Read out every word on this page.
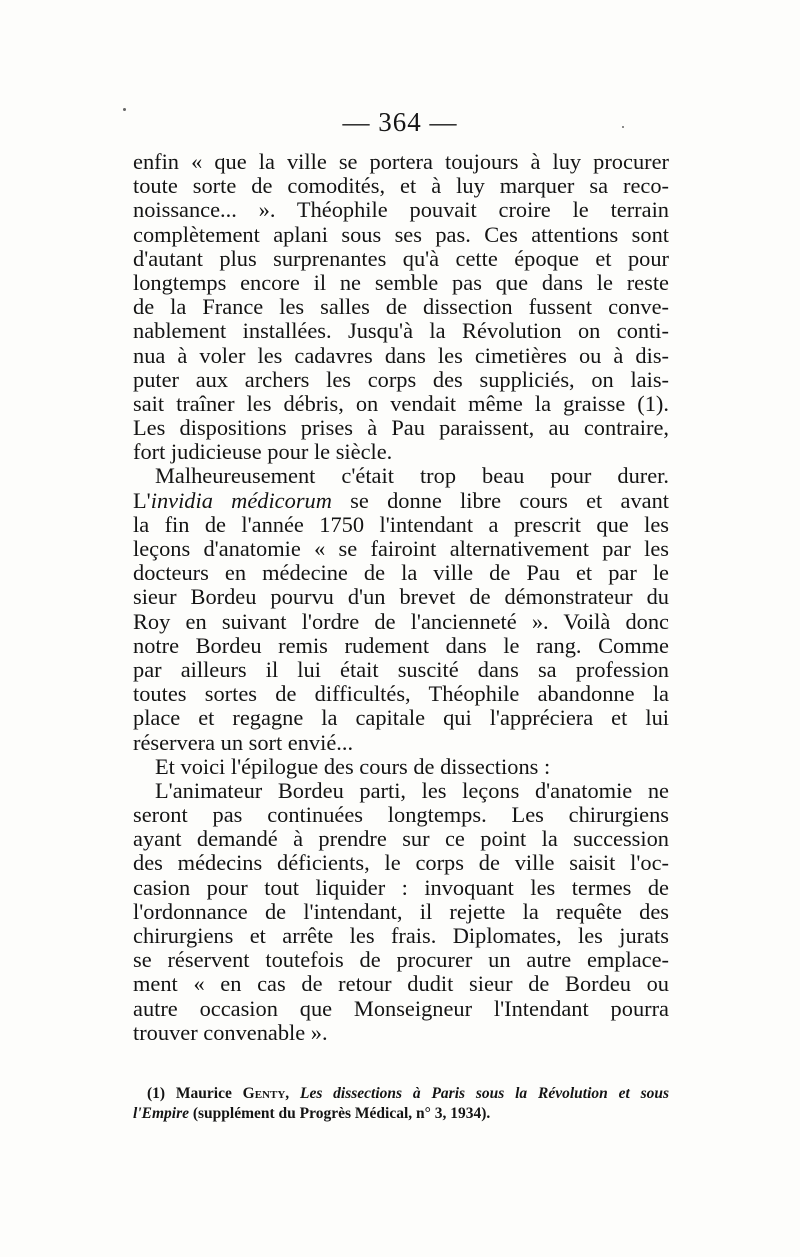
— 364 —
enfin « que la ville se portera toujours à luy procurer
toute sorte de comodités, et à luy marquer sa reco-
noissance... ». Théophile pouvait croire le terrain
complètement aplani sous ses pas. Ces attentions sont
d'autant plus surprenantes qu'à cette époque et pour
longtemps encore il ne semble pas que dans le reste
de la France les salles de dissection fussent conve-
nablement installées. Jusqu'à la Révolution on conti-
nua à voler les cadavres dans les cimetières ou à dis-
puter aux archers les corps des suppliciés, on lais-
sait traîner les débris, on vendait même la graisse (1).
Les dispositions prises à Pau paraissent, au contraire,
fort judicieuse pour le siècle.
Malheureusement c'était trop beau pour durer.
L'invidia médicorum se donne libre cours et avant
la fin de l'année 1750 l'intendant a prescrit que les
leçons d'anatomie « se fairoint alternativement par les
docteurs en médecine de la ville de Pau et par le
sieur Bordeu pourvu d'un brevet de démonstrateur du
Roy en suivant l'ordre de l'ancienneté ». Voilà donc
notre Bordeu remis rudement dans le rang. Comme
par ailleurs il lui était suscité dans sa profession
toutes sortes de difficultés, Théophile abandonne la
place et regagne la capitale qui l'appréciera et lui
réservera un sort envié...
Et voici l'épilogue des cours de dissections :
L'animateur Bordeu parti, les leçons d'anatomie ne
seront pas continuées longtemps. Les chirurgiens
ayant demandé à prendre sur ce point la succession
des médecins déficients, le corps de ville saisit l'oc-
casion pour tout liquider : invoquant les termes de
l'ordonnance de l'intendant, il rejette la requête des
chirurgiens et arrête les frais. Diplomates, les jurats
se réservent toutefois de procurer un autre emplace-
ment « en cas de retour dudit sieur de Bordeu ou
autre occasion que Monseigneur l'Intendant pourra
trouver convenable ».
(1) Maurice Genty, Les dissections à Paris sous la Révolution et sous
l'Empire (supplément du Progrès Médical, n° 3, 1934).
